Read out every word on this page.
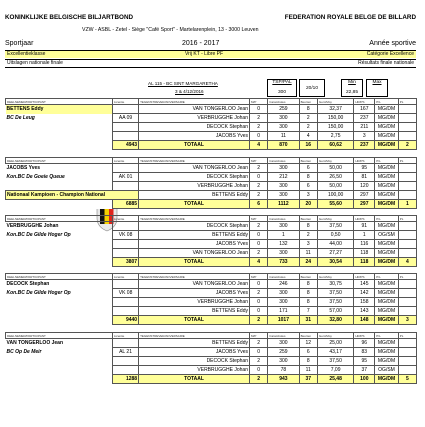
KONINKLIJKE BELGISCHE BILJARTBOND	FEDERATION ROYALE BELGE DE BILLARD
VZW - ASBL - Zetel - Siège "Café Sport" - Martelarenplein, 13 - 3000 Leuven
Sportjaar	2016 - 2017	Année sportive
Excellentieklasse	Vrij KT - Libre PF	Catégorie Excellence
Uitslagen nationale finale	Résultats finale nationale
AL 115 - BC SINT MARGARETHA
3 & 4/12/2016
TSP/PAL
300
20/10
Min
22,85
Max
DEELNEMER/PARTICIPANT	Licentie	TEGENSTREVER/ADVERSAIRE	M/P	Caramboles	Beurten	Gem/Moy	HR/PS	P/L	PL
BETTENS Eddy		VAN TONGERLOO Jean	0	259	8	32,37	167	MG/DM	
BC De Leug	AA 09	VERBRUGGHE Johan	2	300	2	150,00	237	MG/DM	
		DECOCK Stephan	2	300	2	150,00	211	MG/DM	
		JACOBS Yves	0	11	4	2,75	3	MG/DM	
	4943	TOTAAL	4	870	16	60,62	237	MG/DM	2
DEELNEMER/PARTICIPANT	Licentie	TEGENSTREVER/ADVERSAIRE	M/P	Caramboles	Beurten	Gem/Moy	HR/PS	P/L	PL
JACOBS Yves		VAN TONGERLOO Jean	2	300	6	50,00	95	MG/DM	
Kon.BC De Goeie Queue	AK 01	DECOCK Stephan	0	212	8	26,50	81	MG/DM	
		VERBRUGGHE Johan	2	300	6	50,00	120	MG/DM	
Nationaal Kampioen - Champion National		BETTENS Eddy	2	300	3	100,00	297	MG/DM	
	6885	TOTAAL	6	1112	20	55,60	297	MG/DM	1
DEELNEMER/PARTICIPANT	Licentie	TEGENSTREVER/ADVERSAIRE	M/P	Caramboles	Beurten	Gem/Moy	HR/PS	P/L	PL
VERBRUGGHE Johan		DECOCK Stephan	2	300	8	37,50	91	MG/DM	
Kon.BC De Gilde Hoger Op	VK 08	BETTENS Eddy	0	1	2	0,50	1	OG/SM	
		JACOBS Yves	0	132	3	44,00	116	MG/DM	
		VAN TONGERLOO Jean	2	300	11	27,27	118	MG/DM	
	3807	TOTAAL	4	733	24	30,54	118	MG/DM	4
DEELNEMER/PARTICIPANT	Licentie	TEGENSTREVER/ADVERSAIRE	M/P	Caramboles	Beurten	Gem/Moy	HR/PS	P/L	PL
DECOCK Stephan		VAN TONGERLOO Jean	0	246	8	30,75	145	MG/DM	
Kon.BC De Gilde Hoger Op	VK 08	JACOBS Yves	2	300	8	37,50	142	MG/DM	
		VERBRUGGHE Johan	0	300	8	37,50	158	MG/DM	
		BETTENS Eddy	0	171	7	57,00	143	MG/DM	
	9440	TOTAAL	2	1017	31	32,80	148	MG/DM	3
DEELNEMER/PARTICIPANT	Licentie	TEGENSTREVER/ADVERSAIRE	M/P	Caramboles	Beurten	Gem/Moy	HR/PS	P/L	PL
VAN TONGERLOO Jean		BETTENS Eddy	2	300	12	25,00	96	MG/DM	
BC Op De Meir	AL 21	JACOBS Yves	0	259	6	43,17	83	MG/DM	
		DECOCK Stephan	2	300	8	37,50	95	MG/DM	
		VERBRUGGHE Johan	0	78	11	7,09	37	OG/SM	
	1288	TOTAAL	2	943	37	25,48	100	MG/DM	5
